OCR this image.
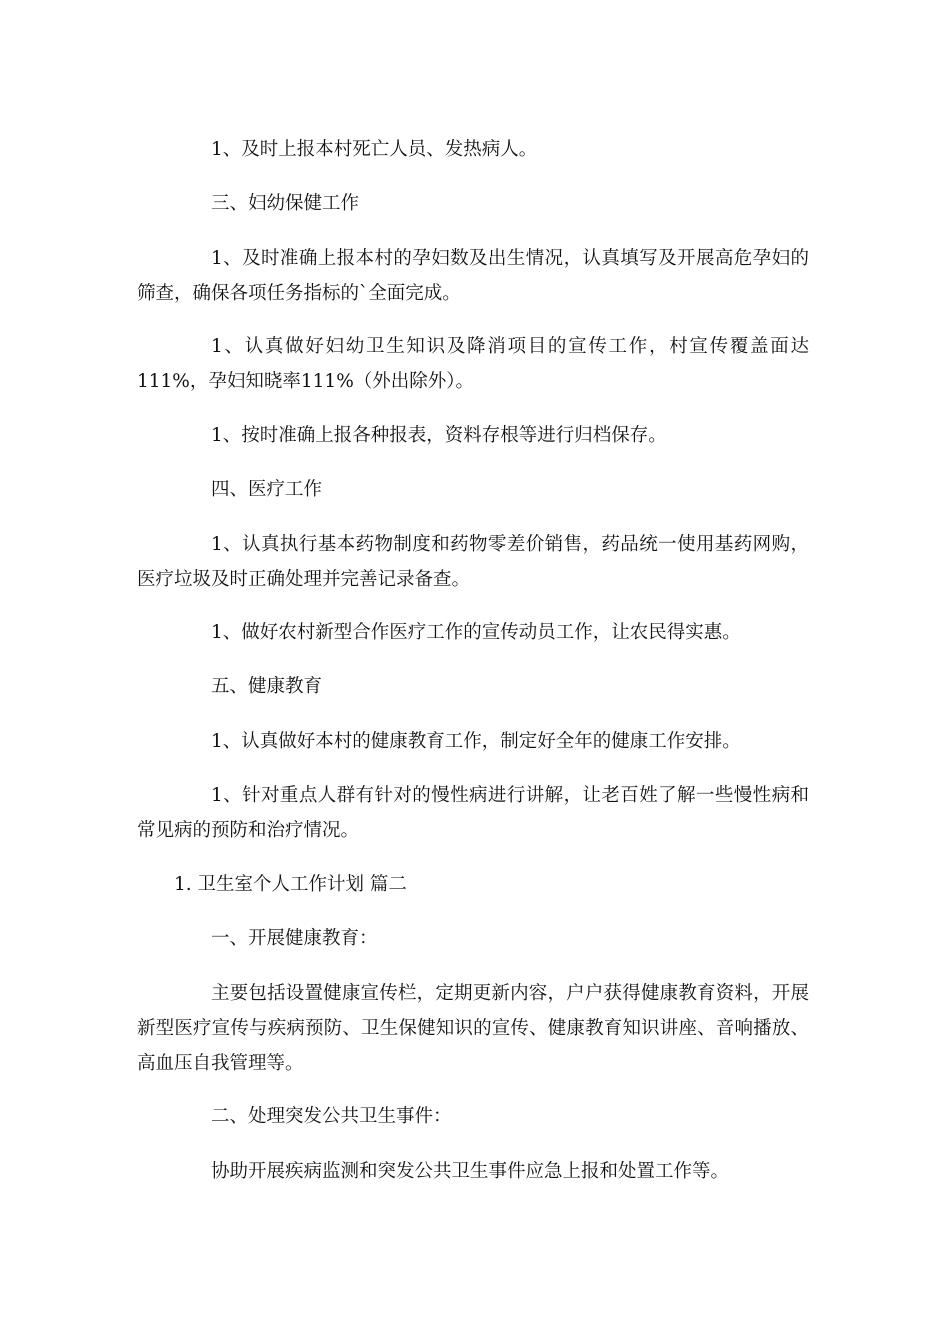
1、及时上报本村死亡人员、发热病人。
三、妇幼保健工作
1、及时准确上报本村的孕妇数及出生情况，认真填写及开展高危孕妇的筛查，确保各项任务指标的`全面完成。
1、认真做好妇幼卫生知识及降消项目的宣传工作，村宣传覆盖面达111%，孕妇知晓率111%（外出除外）。
1、按时准确上报各种报表，资料存根等进行归档保存。
四、医疗工作
1、认真执行基本药物制度和药物零差价销售，药品统一使用基药网购，医疗垃圾及时正确处理并完善记录备查。
1、做好农村新型合作医疗工作的宣传动员工作，让农民得实惠。
五、健康教育
1、认真做好本村的健康教育工作，制定好全年的健康工作安排。
1、针对重点人群有针对的慢性病进行讲解，让老百姓了解一些慢性病和常见病的预防和治疗情况。
1. 卫生室个人工作计划 篇二
一、开展健康教育：
主要包括设置健康宣传栏，定期更新内容，户户获得健康教育资料，开展新型医疗宣传与疾病预防、卫生保健知识的宣传、健康教育知识讲座、音响播放、高血压自我管理等。
二、处理突发公共卫生事件：
协助开展疾病监测和突发公共卫生事件应急上报和处置工作等。
